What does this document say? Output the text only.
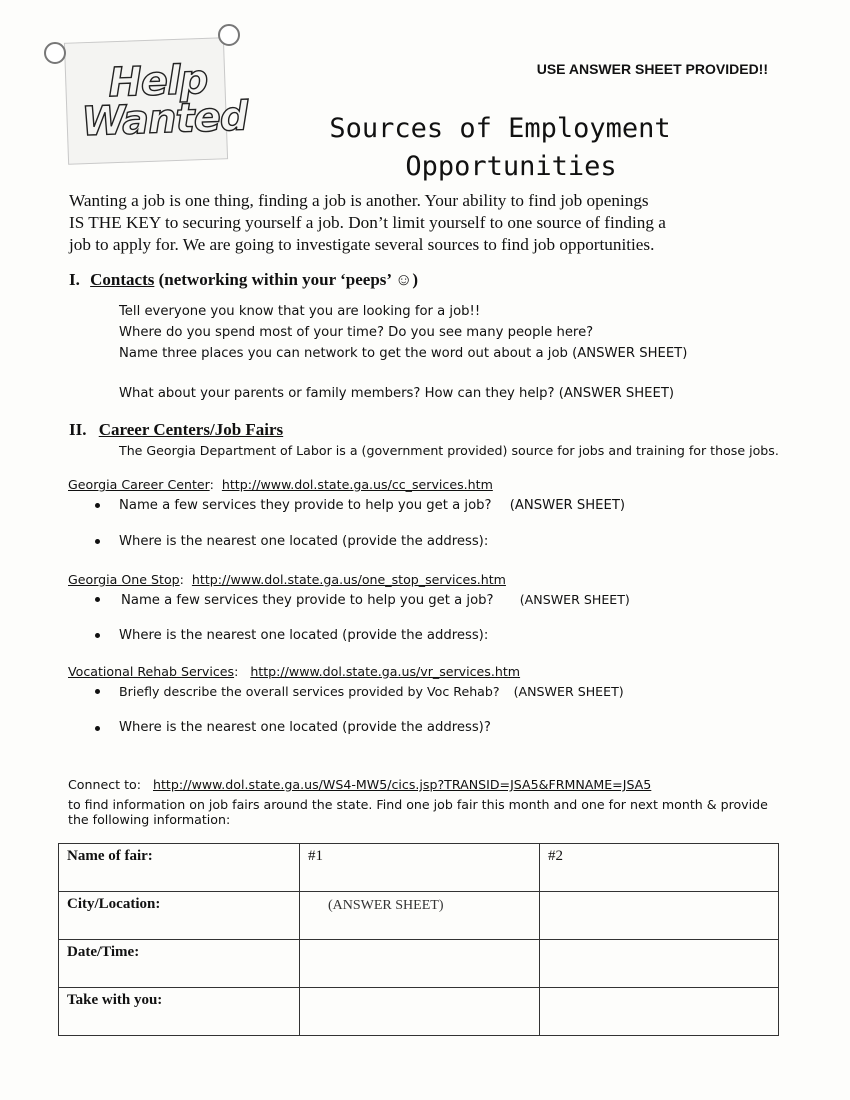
Help
Wanted
USE ANSWER SHEET PROVIDED!!
Sources of Employment
Opportunities
Wanting a job is one thing, finding a job is another. Your ability to find job openings
IS THE KEY to securing yourself a job. Don’t limit yourself to one source of finding a
job to apply for. We are going to investigate several sources to find job opportunities.
I. Contacts (networking within your ‘peeps’ ☺)
Tell everyone you know that you are looking for a job!!
Where do you spend most of your time? Do you see many people here?
Name three places you can network to get the word out about a job (ANSWER SHEET)
What about your parents or family members? How can they help? (ANSWER SHEET)
II. Career Centers/Job Fairs
The Georgia Department of Labor is a (government provided) source for jobs and training for those jobs.
Georgia Career Center:  http://www.dol.state.ga.us/cc_services.htm
Name a few services they provide to help you get a job? (ANSWER SHEET)
Where is the nearest one located (provide the address):
Georgia One Stop:  http://www.dol.state.ga.us/one_stop_services.htm
Name a few services they provide to help you get a job? (ANSWER SHEET)
Where is the nearest one located (provide the address):
Vocational Rehab Services:   http://www.dol.state.ga.us/vr_services.htm
Briefly describe the overall services provided by Voc Rehab? (ANSWER SHEET)
Where is the nearest one located (provide the address)?
Connect to: http://www.dol.state.ga.us/WS4-MW5/cics.jsp?TRANSID=JSA5&FRMNAME=JSA5
to find information on job fairs around the state. Find one job fair this month and one for next month & provide
the following information:
Name of fair:	#1	#2
City/Location:	(ANSWER SHEET)	
Date/Time:		
Take with you:		
